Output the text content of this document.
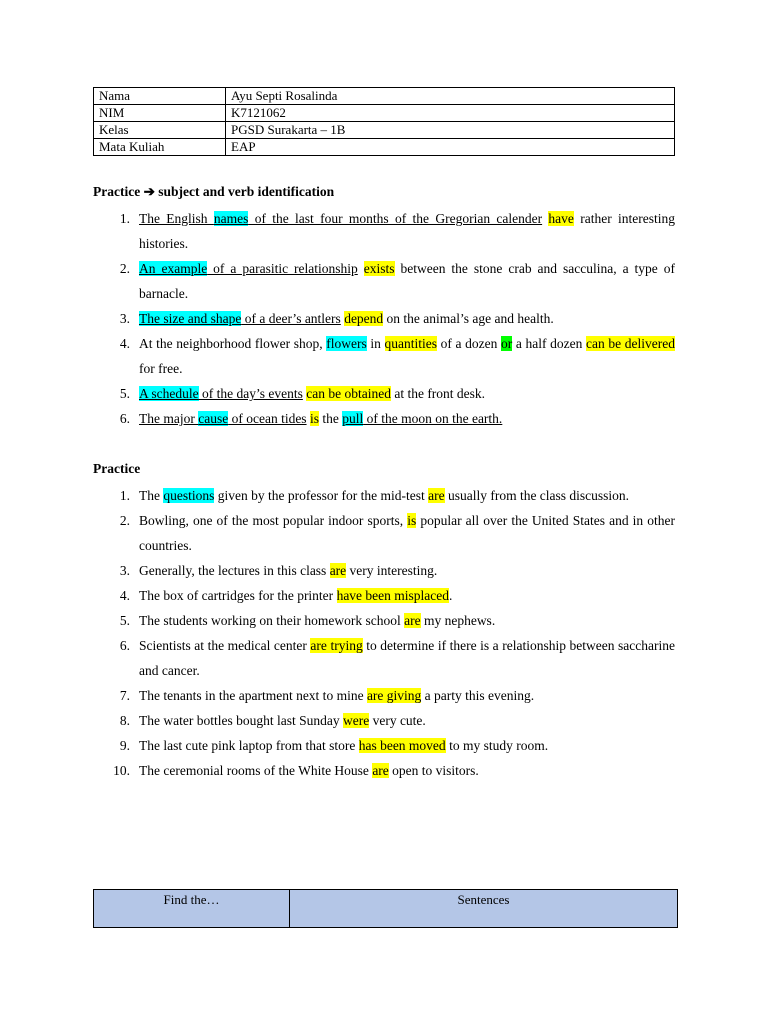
Nama	Ayu Septi Rosalinda
NIM	K7121062
Kelas	PGSD Surakarta – 1B
Mata Kuliah	EAP
Practice ➔ subject and verb identification
1. The English names of the last four months of the Gregorian calender have rather interesting histories.
2. An example of a parasitic relationship exists between the stone crab and sacculina, a type of barnacle.
3. The size and shape of a deer’s antlers depend on the animal’s age and health.
4. At the neighborhood flower shop, flowers in quantities of a dozen or a half dozen can be delivered for free.
5. A schedule of the day’s events can be obtained at the front desk.
6. The major cause of ocean tides is the pull of the moon on the earth.
Practice
1. The questions given by the professor for the mid-test are usually from the class discussion.
2. Bowling, one of the most popular indoor sports, is popular all over the United States and in other countries.
3. Generally, the lectures in this class are very interesting.
4. The box of cartridges for the printer have been misplaced.
5. The students working on their homework school are my nephews.
6. Scientists at the medical center are trying to determine if there is a relationship between saccharine and cancer.
7. The tenants in the apartment next to mine are giving a party this evening.
8. The water bottles bought last Sunday were very cute.
9. The last cute pink laptop from that store has been moved to my study room.
10. The ceremonial rooms of the White House are open to visitors.
Find the…	Sentences
